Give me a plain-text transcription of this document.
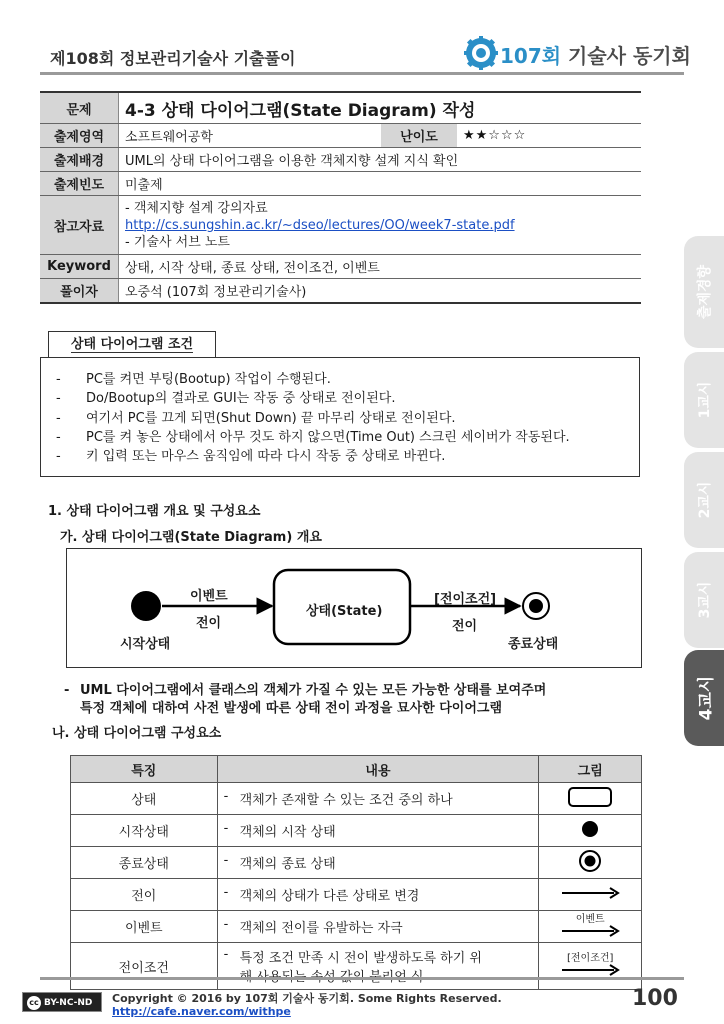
제108회 정보관리기술사 기출풀이	107회 기술사 동기회
문제	4-3 상태 다이어그램(State Diagram) 작성		
출제영역	소프트웨어공학	난이도	★★☆☆☆
출제배경	UML의 상태 다이어그램을 이용한 객체지향 설계 지식 확인		
출제빈도	미출제		
참고자료	- 객체지향 설계 강의자료
http://cs.sungshin.ac.kr/~dseo/lectures/OO/week7-state.pdf
- 기술사 서브 노트		

Keyword	상태, 시작 상태, 종료 상태, 전이조건, 이벤트		
풀이자	오중석 (107회 정보관리기술사)			출제경향
1교시
2교시
3교시
4교시
상태 다이어그램 조건
- PC를 켜면 부팅(Bootup) 작업이 수행된다.
- Do/Bootup의 결과로 GUI는 작동 중 상태로 전이된다.
- 여기서 PC를 끄게 되면(Shut Down) 끝 마무리 상태로 전이된다.
- PC를 켜 놓은 상태에서 아무 것도 하지 않으면(Time Out) 스크린 세이버가 작동된다.
- 키 입력 또는 마우스 움직임에 따라 다시 작동 중 상태로 바뀐다.
1. 상태 다이어그램 개요 및 구성요소
가. 상태 다이어그램(State Diagram) 개요
이벤트
전이
시작상태
상태(State)
[전이조건]
전이
종료상태
- UML 다이어그램에서 클래스의 객체가 가질 수 있는 모든 가능한 상태를 보여주며
특정 객체에 대하여 사전 발생에 따른 상태 전이 과정을 묘사한 다이어그램
나. 상태 다이어그램 구성요소
특징	내용	그림
상태	- 객체가 존재할 수 있는 조건 중의 하나

시작상태	- 객체의 시작 상태

종료상태	- 객체의 종료 상태

전이	- 객체의 상태가 다른 상태로 변경

이벤트	- 객체의 전이를 유발하는 자극	이벤트

전이조건	- 특정 조건 만족 시 전이 발생하도록 하기 위	[전이조건]
cc BY-NC-ND	Copyright © 2016 by 107회 기술사 동기회. Some Rights Reserved.
http://cafe.naver.com/withpe
100
